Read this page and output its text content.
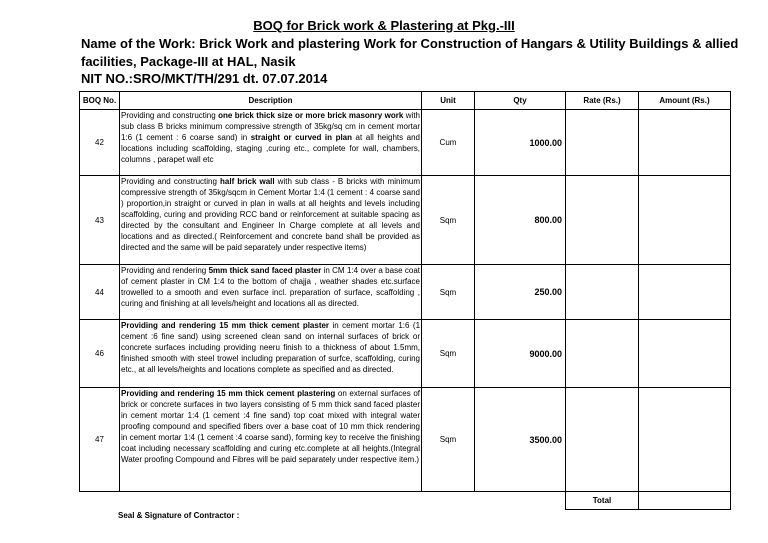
BOQ for Brick work & Plastering at Pkg.-III
Name of the Work: Brick Work and plastering Work for Construction of Hangars & Utility Buildings & allied
facilities, Package-III at HAL, Nasik
NIT NO.:SRO/MKT/TH/291 dt. 07.07.2014
BOQ No.	Description	Unit	Qty	Rate (Rs.)	Amount (Rs.)
42	Providing and constructing one brick thick size or more brick masonry work with sub class B bricks minimum compressive strength of 35kg/sq cm in cement mortar 1:6 (1 cement : 6 coarse sand) in straight or curved in plan at all heights and locations including scaffolding, staging ,curing etc., complete for wall, chambers, columns , parapet wall etc	Cum	1000.00		
43	Providing and constructing half brick wall with sub class - B bricks with minimum compressive strength of 35kg/sqcm in Cement Mortar 1:4 (1 cement : 4 coarse sand ) proportion,in straight or curved in plan in walls at all heights and levels including scaffolding, curing and providing RCC band or reinforcement at suitable spacing as directed by the consultant and Engineer In Charge complete at all levels and locations and as directed.( Reinforcement and concrete band shall be provided as directed and the same will be paid separately under respective items)	Sqm	800.00		
44	Providing and rendering 5mm thick sand faced plaster in CM 1:4 over a base coat of cement plaster in CM 1:4 to the bottom of chajja , weather shades etc.surface trowelled to a smooth and even surface incl. preparation of surface, scaffolding , curing and finishing at all levels/height and locations all as directed.	Sqm	250.00		
46	Providing and rendering 15 mm thick cement plaster in cement mortar 1:6 (1 cement :6 fine sand) using screened clean sand on internal surfaces of brick or concrete surfaces including providing neeru finish to a thickness of about 1.5mm, finished smooth with steel trowel including preparation of surfce, scaffolding, curing etc., at all levels/heights and locations complete as specified and as directed.	Sqm	9000.00		
47	Providing and rendering 15 mm thick cement plastering on external surfaces of brick or concrete surfaces in two layers consisting of 5 mm thick sand faced plaster in cement mortar 1:4 (1 cement :4 fine sand) top coat mixed with integral water proofing compound and specified fibers over a base coat of 10 mm thick rendering in cement mortar 1:4 (1 cement :4 coarse sand), forming key to receive the finishing coat including necessary scaffolding and curing etc.complete at all heights.(Integral Water proofing Compound and Fibres will be paid separately under respective item.)	Sqm	3500.00		
				Total	
Seal & Signature of Contractor :
